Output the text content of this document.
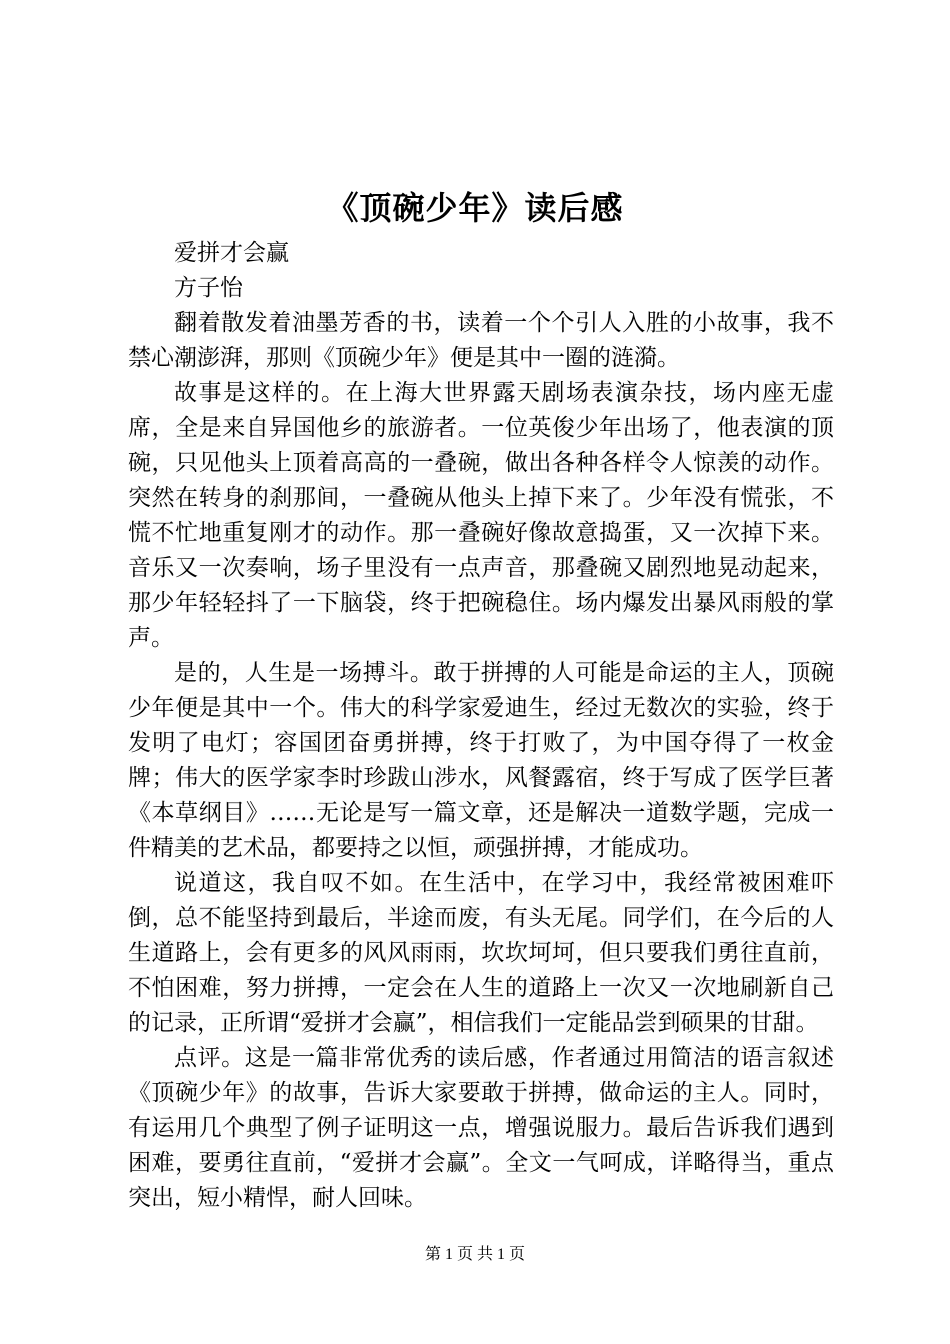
《顶碗少年》读后感

爱拼才会赢

方子怡

翻着散发着油墨芳香的书，读着一个个引人入胜的小故事，我不禁心潮澎湃，那则《顶碗少年》便是其中一圈的涟漪。

故事是这样的。在上海大世界露天剧场表演杂技，场内座无虚席，全是来自异国他乡的旅游者。一位英俊少年出场了，他表演的顶碗，只见他头上顶着高高的一叠碗，做出各种各样令人惊羡的动作。突然在转身的刹那间，一叠碗从他头上掉下来了。少年没有慌张，不慌不忙地重复刚才的动作。那一叠碗好像故意捣蛋，又一次掉下来。音乐又一次奏响，场子里没有一点声音，那叠碗又剧烈地晃动起来，那少年轻轻抖了一下脑袋，终于把碗稳住。场内爆发出暴风雨般的掌声。

是的，人生是一场搏斗。敢于拼搏的人可能是命运的主人，顶碗少年便是其中一个。伟大的科学家爱迪生，经过无数次的实验，终于发明了电灯；容国团奋勇拼搏，终于打败了，为中国夺得了一枚金牌；伟大的医学家李时珍跋山涉水，风餐露宿，终于写成了医学巨著《本草纲目》……无论是写一篇文章，还是解决一道数学题，完成一件精美的艺术品，都要持之以恒，顽强拼搏，才能成功。

说道这，我自叹不如。在生活中，在学习中，我经常被困难吓倒，总不能坚持到最后，半途而废，有头无尾。同学们，在今后的人生道路上，会有更多的风风雨雨，坎坎坷坷，但只要我们勇往直前，不怕困难，努力拼搏，一定会在人生的道路上一次又一次地刷新自己的记录，正所谓“爱拼才会赢”，相信我们一定能品尝到硕果的甘甜。

点评。这是一篇非常优秀的读后感，作者通过用简洁的语言叙述《顶碗少年》的故事，告诉大家要敢于拼搏，做命运的主人。同时，有运用几个典型了例子证明这一点，增强说服力。最后告诉我们遇到困难，要勇往直前，“爱拼才会赢”。全文一气呵成，详略得当，重点突出，短小精悍，耐人回味。

第 1 页 共 1 页
